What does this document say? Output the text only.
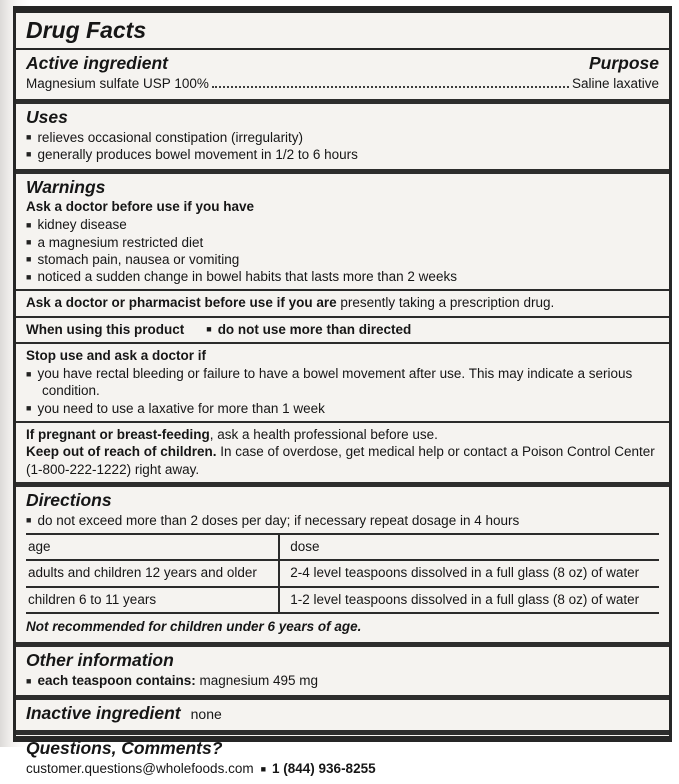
Drug Facts
Active ingredient	Purpose
Magnesium sulfate USP 100%	Saline laxative
Uses
■ relieves occasional constipation (irregularity)
■ generally produces bowel movement in 1/2 to 6 hours
Warnings
Ask a doctor before use if you have
■ kidney disease
■ a magnesium restricted diet
■ stomach pain, nausea or vomiting
■ noticed a sudden change in bowel habits that lasts more than 2 weeks
Ask a doctor or pharmacist before use if you are presently taking a prescription drug.
When using this product ■ do not use more than directed
Stop use and ask a doctor if
■ you have rectal bleeding or failure to have a bowel movement after use. This may indicate a serious condition.
■ you need to use a laxative for more than 1 week
If pregnant or breast-feeding, ask a health professional before use.
Keep out of reach of children. In case of overdose, get medical help or contact a Poison Control Center (1-800-222-1222) right away.
Directions
■ do not exceed more than 2 doses per day; if necessary repeat dosage in 4 hours
age	dose
adults and children 12 years and older	2-4 level teaspoons dissolved in a full glass (8 oz) of water
children 6 to 11 years	1-2 level teaspoons dissolved in a full glass (8 oz) of water
Not recommended for children under 6 years of age.
Other information
■ each teaspoon contains: magnesium 495 mg
Inactive ingredient none
Questions, Comments?
customer.questions@wholefoods.com ■ 1 (844) 936-8255
